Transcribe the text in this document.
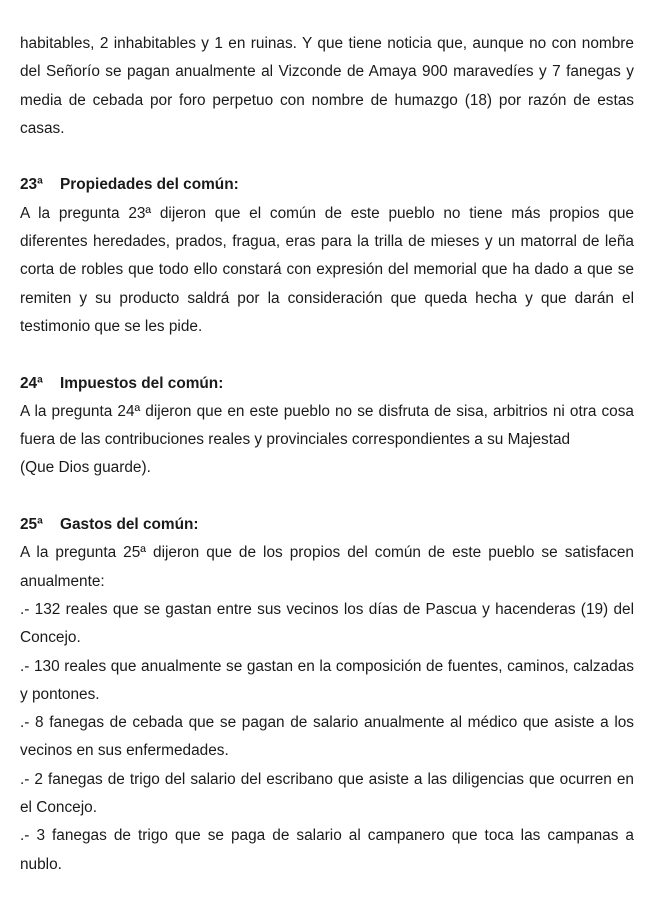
habitables, 2 inhabitables y 1 en ruinas. Y que tiene noticia que, aunque no con nombre del Señorío se pagan anualmente al Vizconde de Amaya 900 maravedíes y 7 fanegas y media de cebada por foro perpetuo con nombre de humazgo (18) por razón de estas casas.

23ª Propiedades del común:

A la pregunta 23ª dijeron que el común de este pueblo no tiene más propios que diferentes heredades, prados, fragua, eras para la trilla de mieses y un matorral de leña corta de robles que todo ello constará con expresión del memorial que ha dado a que se remiten y su producto saldrá por la consideración que queda hecha y que darán el testimonio que se les pide.

24ª Impuestos del común:

A la pregunta 24ª dijeron que en este pueblo no se disfruta de sisa, arbitrios ni otra cosa fuera de las contribuciones reales y provinciales correspondientes a su Majestad

(Que Dios guarde).

25ª Gastos del común:

A la pregunta 25ª dijeron que de los propios del común de este pueblo se satisfacen anualmente:

.- 132 reales que se gastan entre sus vecinos los días de Pascua y hacenderas (19) del Concejo.

.- 130 reales que anualmente se gastan en la composición de fuentes, caminos, calzadas y pontones.

.- 8 fanegas de cebada que se pagan de salario anualmente al médico que asiste a los vecinos en sus enfermedades.

.- 2 fanegas de trigo del salario del escribano que asiste a las diligencias que ocurren en el Concejo.

.- 3 fanegas de trigo que se paga de salario al campanero que toca las campanas a nublo.
